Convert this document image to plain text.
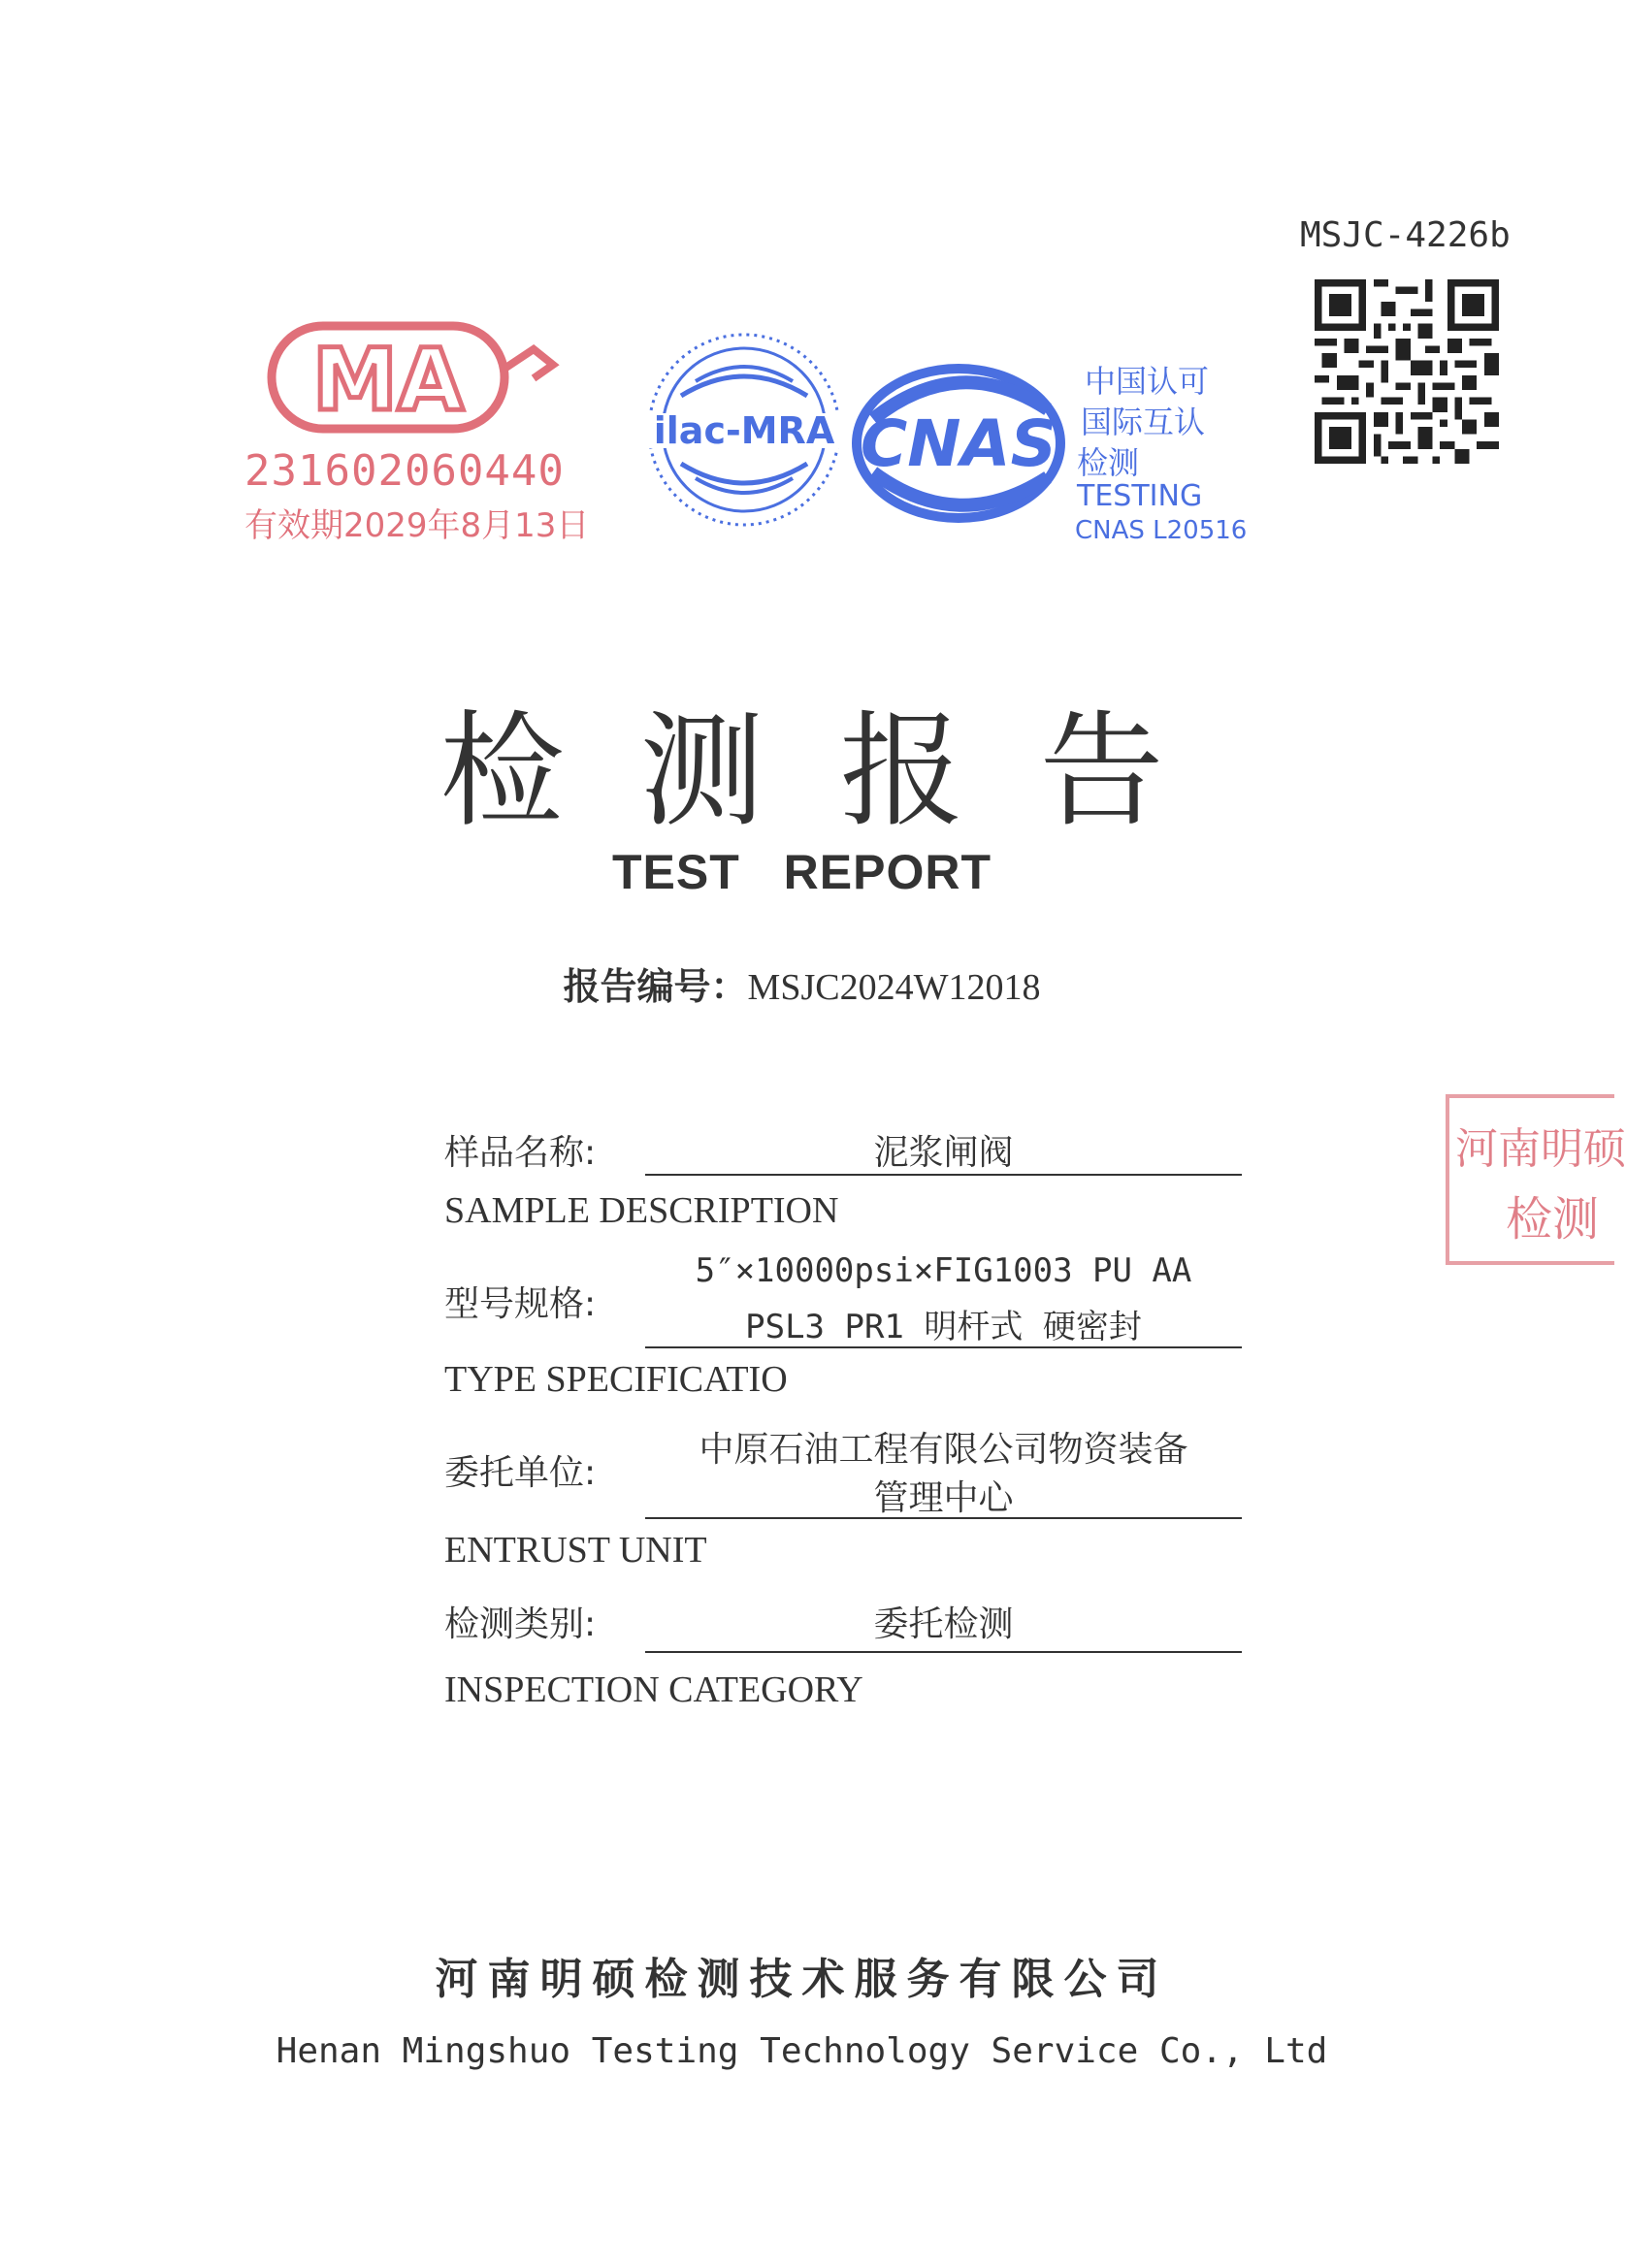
MSJC-4226b
MA
231602060440
有效期2029年8月13日
ilac-MRA CNAS
中国认可
国际互认
检测
TESTING
CNAS L20516
河南明硕
检测
检测报告
TEST REPORT
报告编号：MSJC2024W12018
样品名称:	泥浆闸阀
SAMPLE DESCRIPTION
型号规格:
5″×10000psi×FIG1003 PU AA
PSL3 PR1 明杆式 硬密封
TYPE SPECIFICATIO
委托单位:
中原石油工程有限公司物资装备
管理中心
ENTRUST UNIT
检测类别:	委托检测
INSPECTION CATEGORY
河南明硕检测技术服务有限公司
Henan Mingshuo Testing Technology Service Co., Ltd
